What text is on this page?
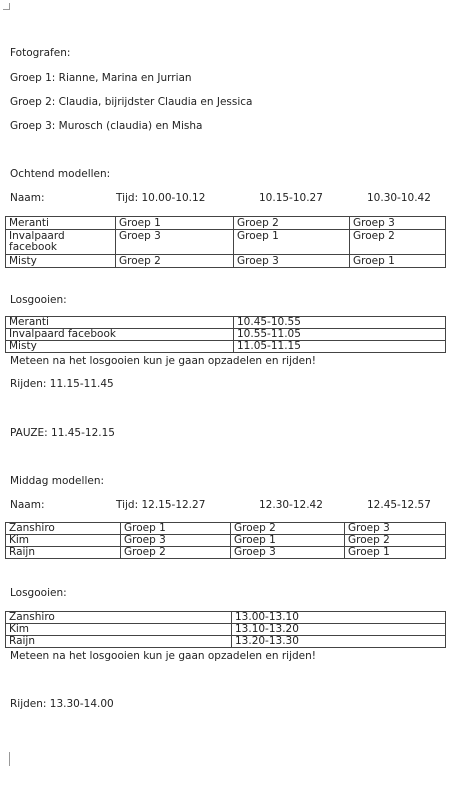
Fotografen:
Groep 1: Rianne, Marina en Jurrian
Groep 2: Claudia, bijrijdster Claudia en Jessica
Groep 3: Murosch (claudia) en Misha
Ochtend modellen:
Naam:	Tijd: 10.00-10.12	10.15-10.27	10.30-10.42
Meranti	Groep 1	Groep 2	Groep 3
Invalpaard facebook	Groep 3	Groep 1	Groep 2
Misty	Groep 2	Groep 3	Groep 1
Losgooien:
Meranti	10.45-10.55
Invalpaard facebook	10.55-11.05
Misty	11.05-11.15
Meteen na het losgooien kun je gaan opzadelen en rijden!
Rijden: 11.15-11.45
PAUZE: 11.45-12.15
Middag modellen:
Naam:	Tijd: 12.15-12.27	12.30-12.42	12.45-12.57
Zanshiro	Groep 1	Groep 2	Groep 3
Kim	Groep 3	Groep 1	Groep 2
Raijn	Groep 2	Groep 3	Groep 1
Losgooien:
Zanshiro	13.00-13.10
Kim	13.10-13.20
Raijn	13.20-13.30
Meteen na het losgooien kun je gaan opzadelen en rijden!
Rijden: 13.30-14.00
